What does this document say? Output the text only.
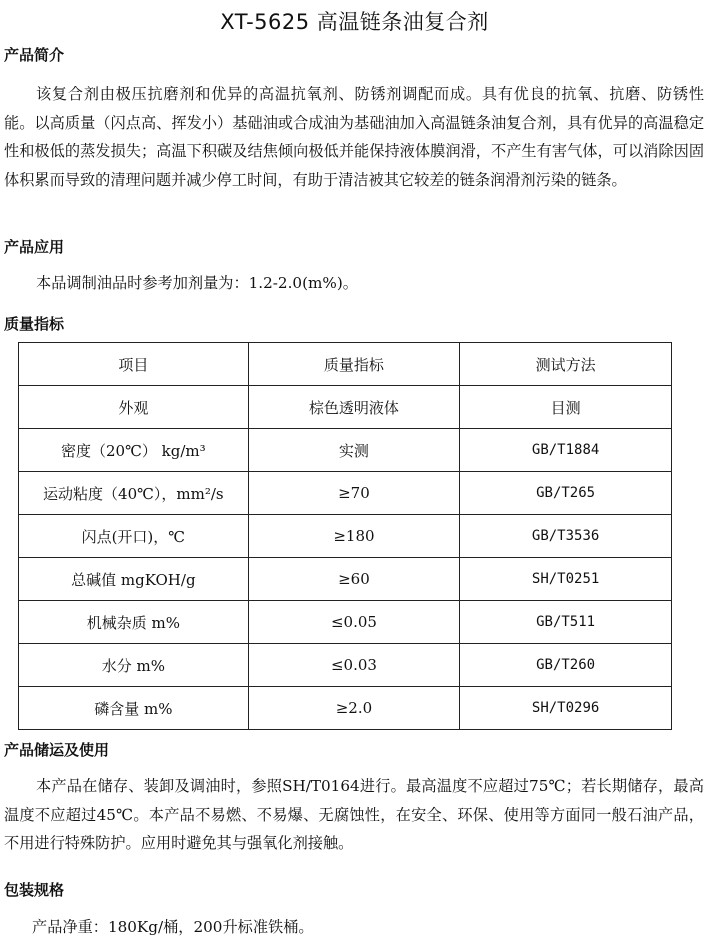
XT-5625 高温链条油复合剂
产品简介
该复合剂由极压抗磨剂和优异的高温抗氧剂、防锈剂调配而成。具有优良的抗氧、抗磨、防锈性能。以高质量（闪点高、挥发小）基础油或合成油为基础油加入高温链条油复合剂，具有优异的高温稳定性和极低的蒸发损失；高温下积碳及结焦倾向极低并能保持液体膜润滑，不产生有害气体，可以消除因固体积累而导致的清理问题并减少停工时间，有助于清洁被其它较差的链条润滑剂污染的链条。
产品应用
本品调制油品时参考加剂量为：1.2-2.0(m%)。
质量指标
项目	质量指标	测试方法
外观	棕色透明液体	目测
密度（20℃） kg/m³	实测	GB/T1884
运动粘度（40℃），mm²/s	≥70	GB/T265
闪点(开口)，℃	≥180	GB/T3536
总碱值 mgKOH/g	≥60	SH/T0251
机械杂质 m%	≤0.05	GB/T511
水分 m%	≤0.03	GB/T260
磷含量 m%	≥2.0	SH/T0296
产品储运及使用
本产品在储存、装卸及调油时，参照SH/T0164进行。最高温度不应超过75℃；若长期储存，最高温度不应超过45℃。本产品不易燃、不易爆、无腐蚀性，在安全、环保、使用等方面同一般石油产品，不用进行特殊防护。应用时避免其与强氧化剂接触。
包装规格
产品净重：180Kg/桶，200升标准铁桶。
